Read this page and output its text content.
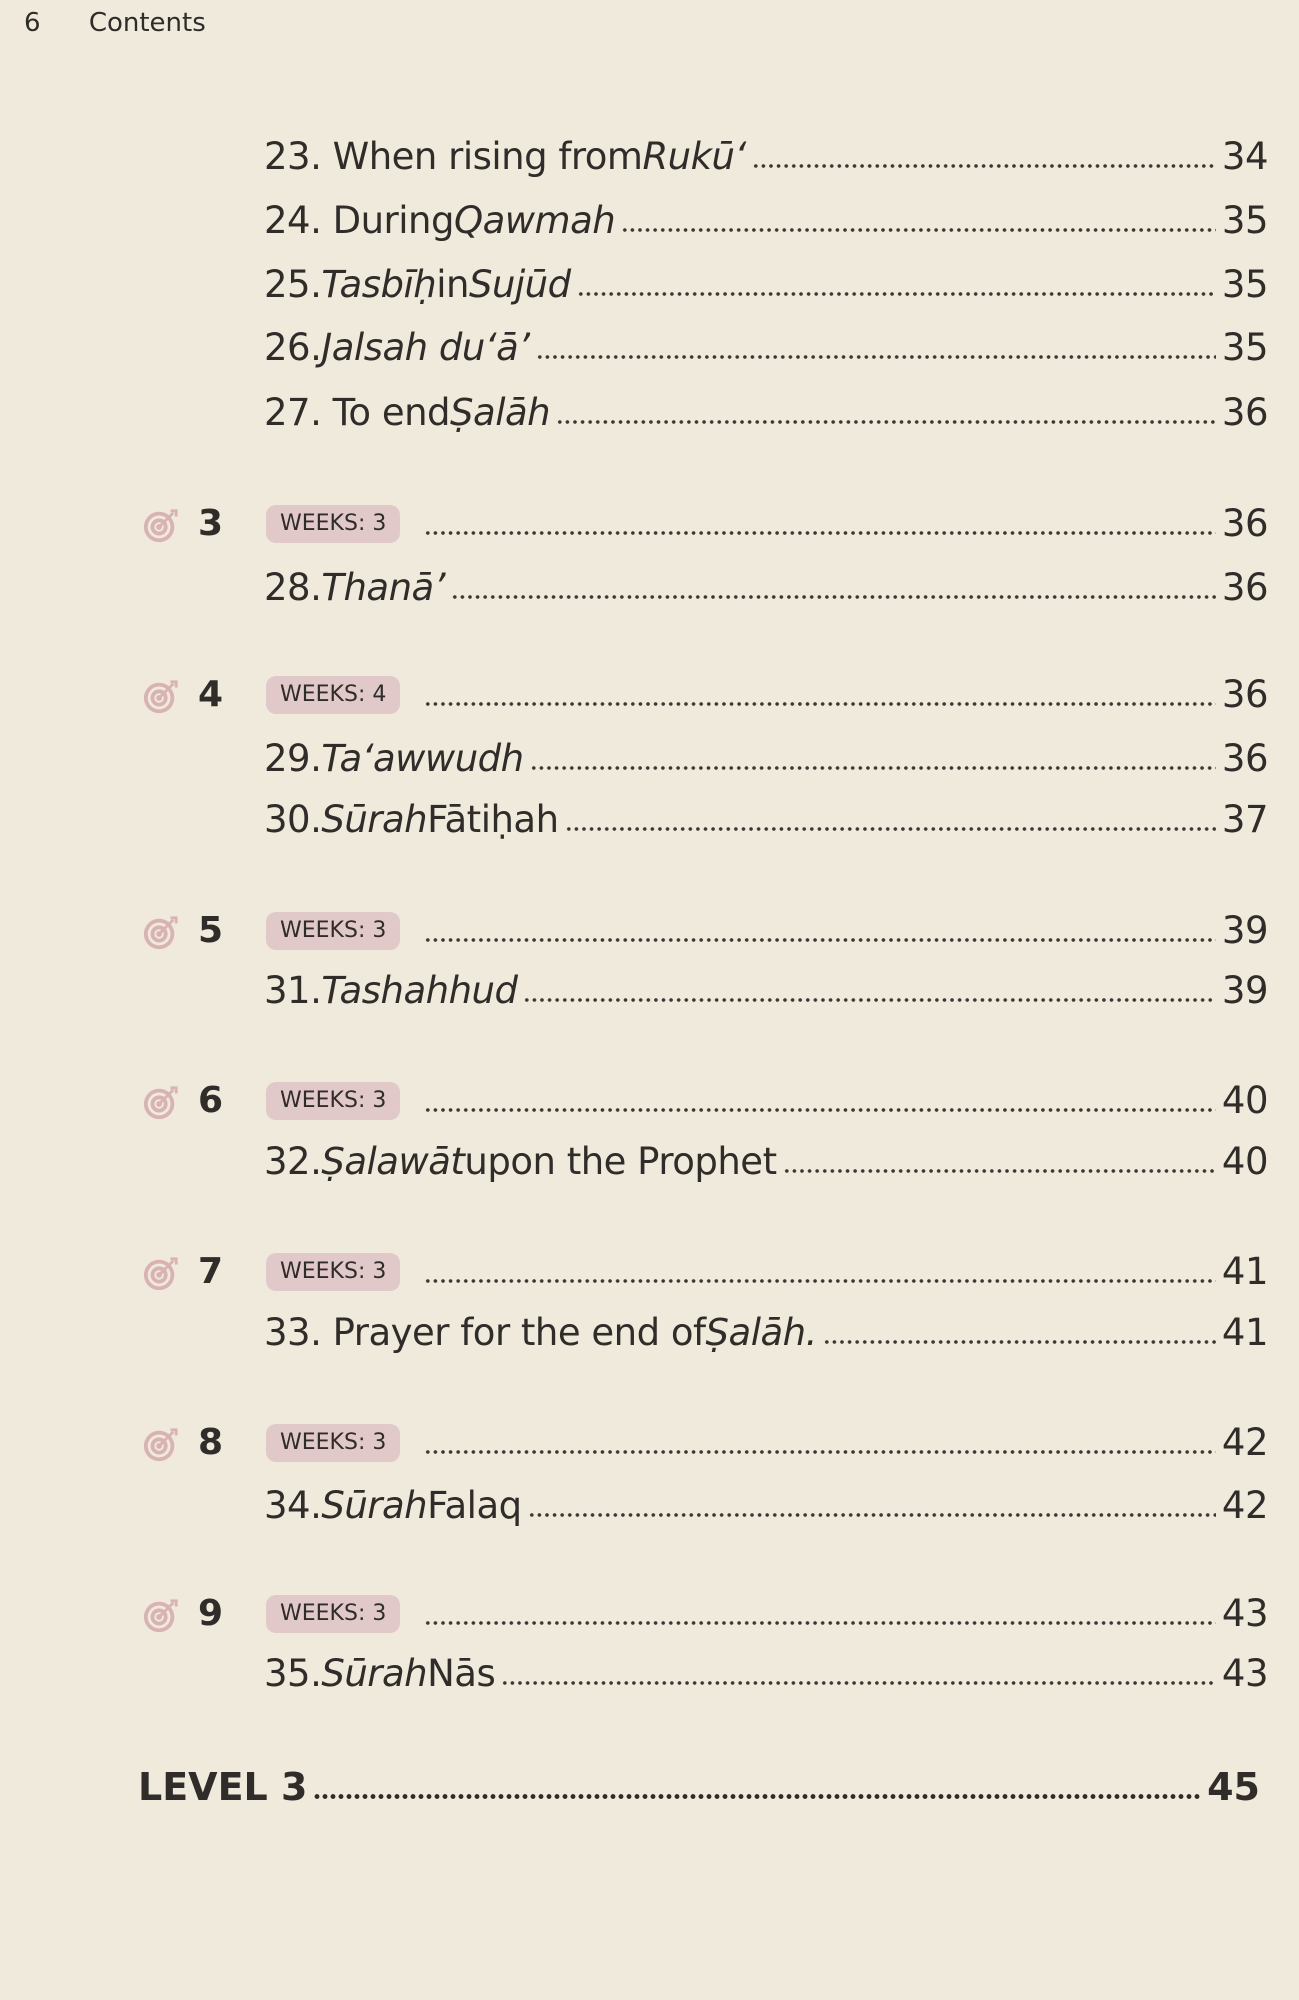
6 Contents
23. When rising from Rukū‘	34
24. During Qawmah	35
25. Tasbīḥ in Sujūd	35
26. Jalsah du‘ā’	35
27. To end Ṣalāh	36
3	WEEKS: 3	36
28. Thanā’	36
4	WEEKS: 4	36
29. Ta‘awwudh	36
30. Sūrah Fātiḥah	37
5	WEEKS: 3	39
31. Tashahhud	39
6	WEEKS: 3	40
32. Ṣalawāt upon the Prophet	40
7	WEEKS: 3	41
33. Prayer for the end of Ṣalāh.	41
8	WEEKS: 3	42
34. Sūrah Falaq	42
9	WEEKS: 3	43
35. Sūrah Nās	43
LEVEL 3	45
